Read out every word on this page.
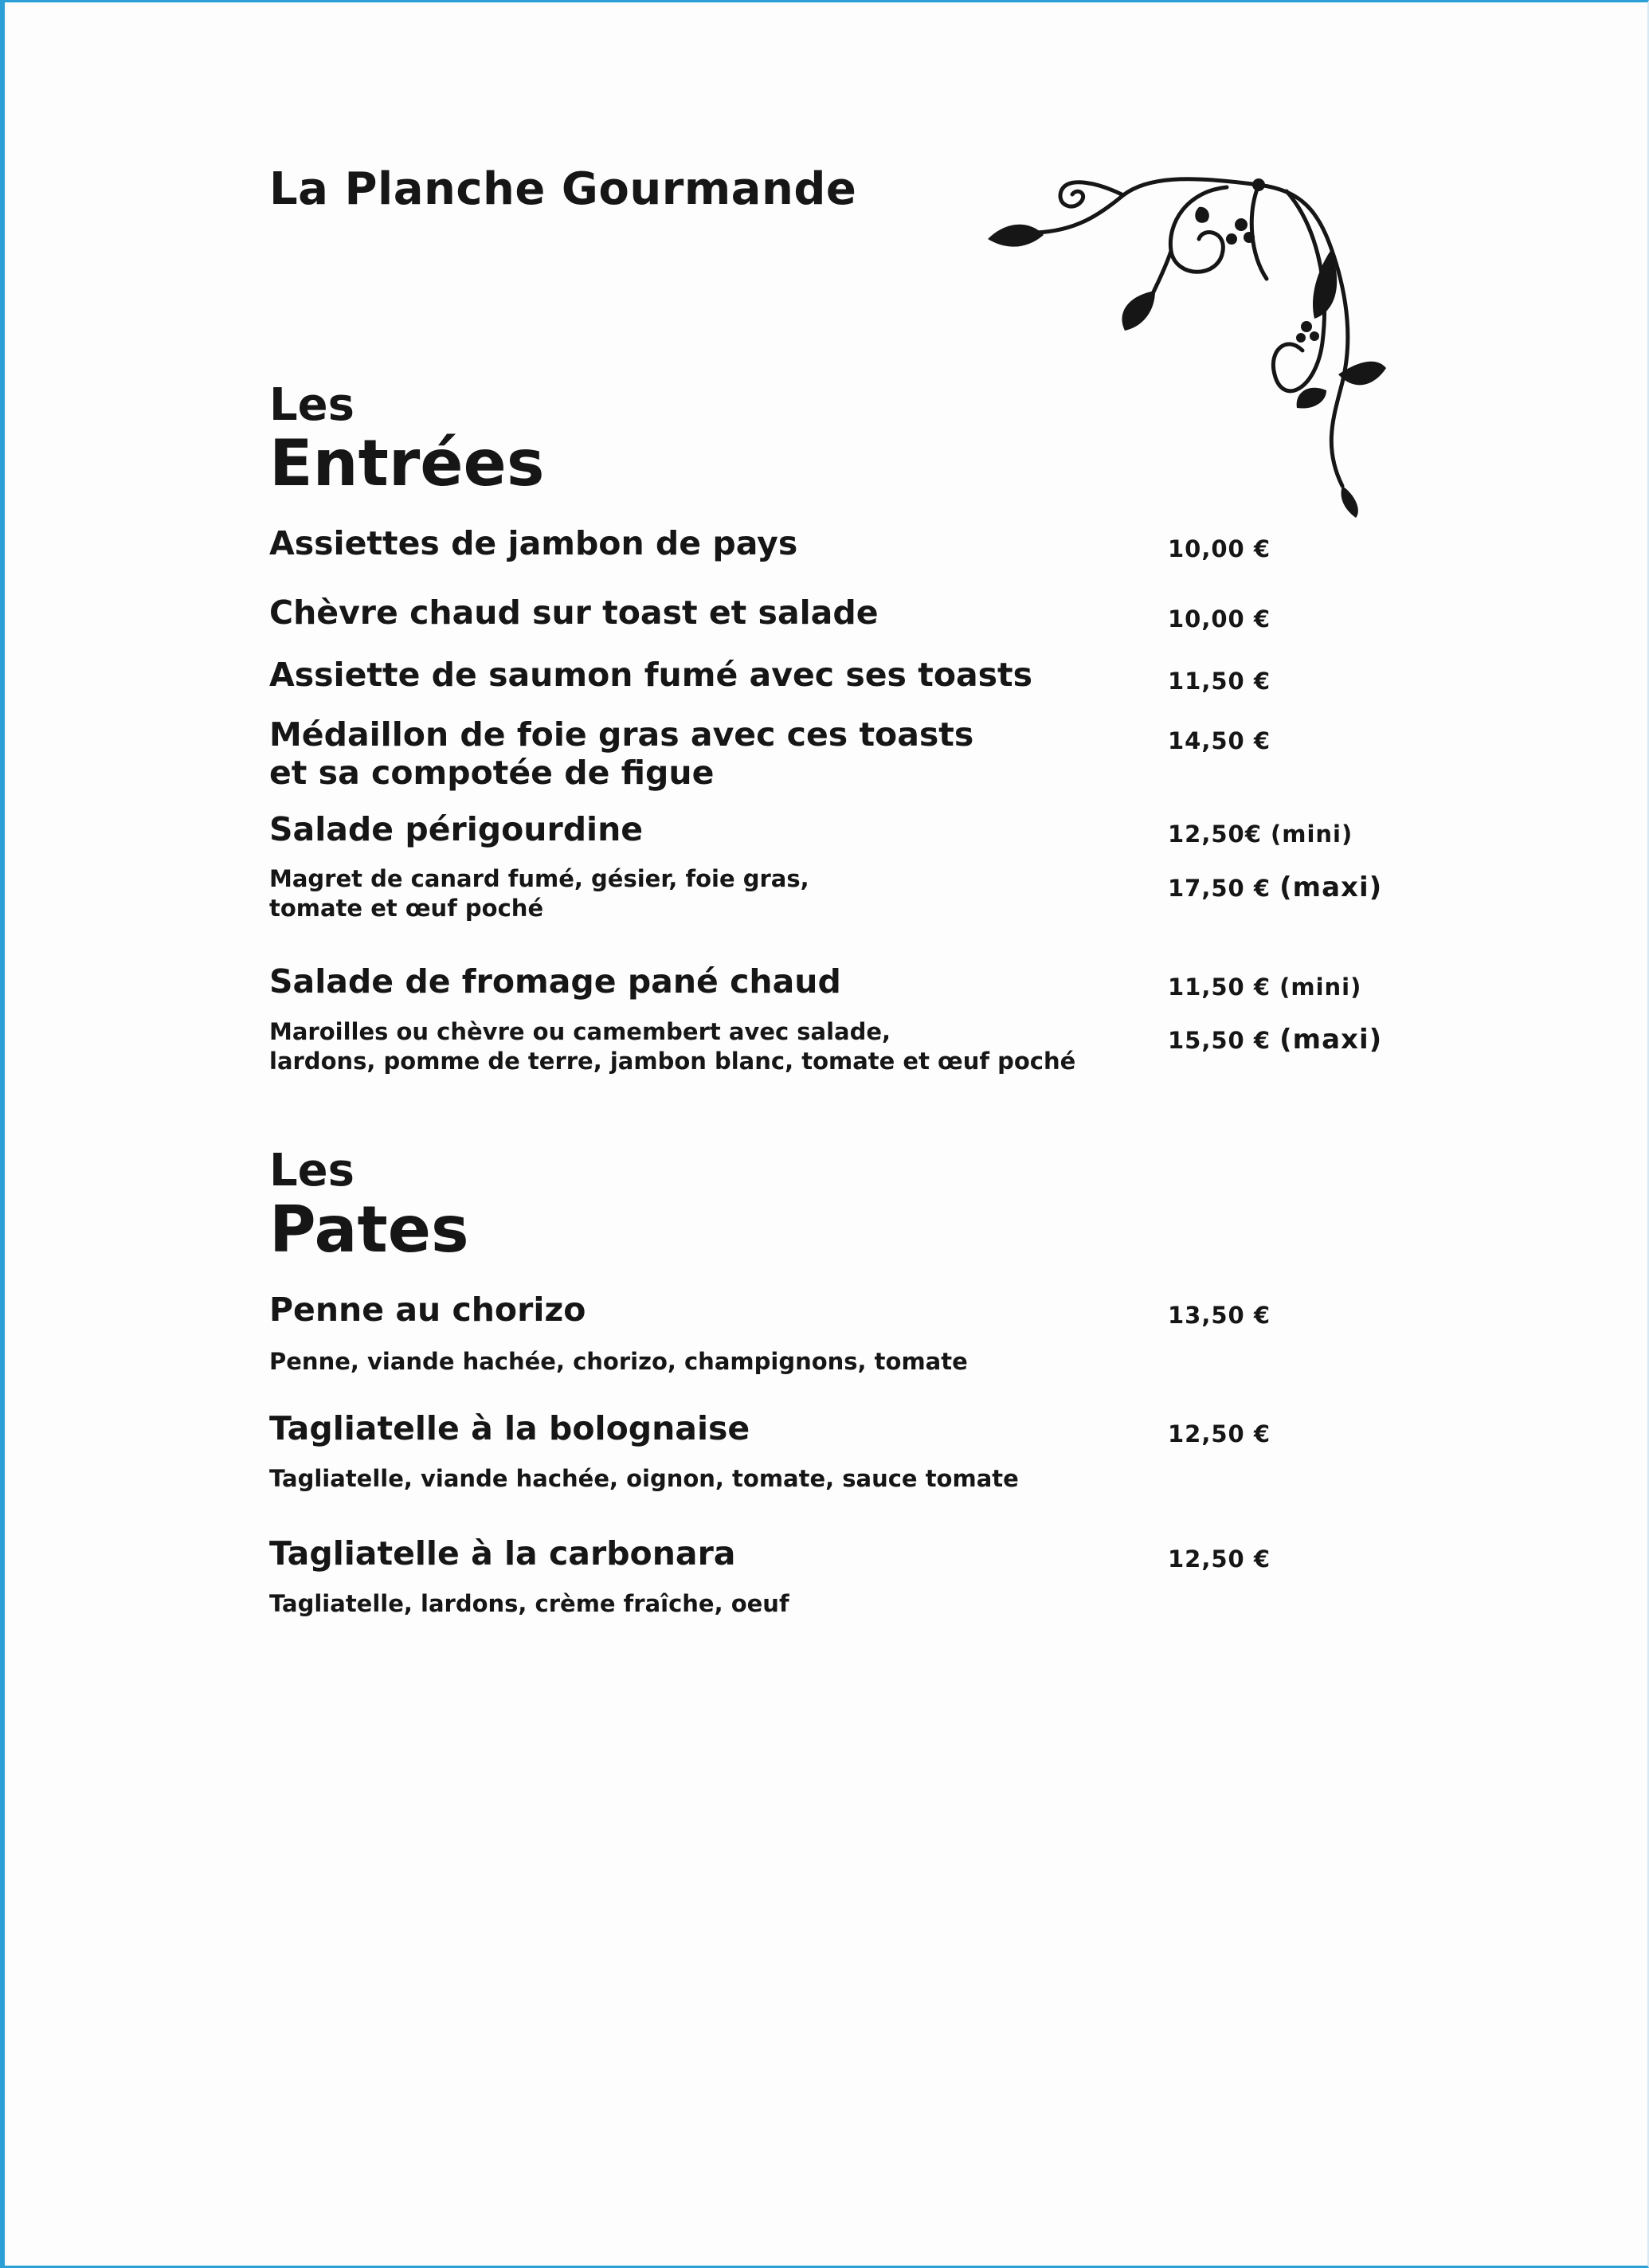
La Planche Gourmande
Les
Entrées
Assiettes de jambon de pays	10,00 €
Chèvre chaud sur toast et salade	10,00 €
Assiette de saumon fumé avec ses toasts	11,50 €
Médaillon de foie gras avec ces toasts
et sa compotée de figue
14,50 €
Salade périgourdine	12,50€ (mini)
Magret de canard fumé, gésier, foie gras,
tomate et œuf poché
17,50 € (maxi)
Salade de fromage pané chaud	11,50 € (mini)
Maroilles ou chèvre ou camembert avec salade,
lardons, pomme de terre, jambon blanc, tomate et œuf poché
15,50 € (maxi)
Les
Pates
Penne au chorizo	13,50 €
Penne, viande hachée, chorizo, champignons, tomate
Tagliatelle à la bolognaise	12,50 €
Tagliatelle, viande hachée, oignon, tomate, sauce tomate
Tagliatelle à la carbonara	12,50 €
Tagliatelle, lardons, crème fraîche, oeuf
